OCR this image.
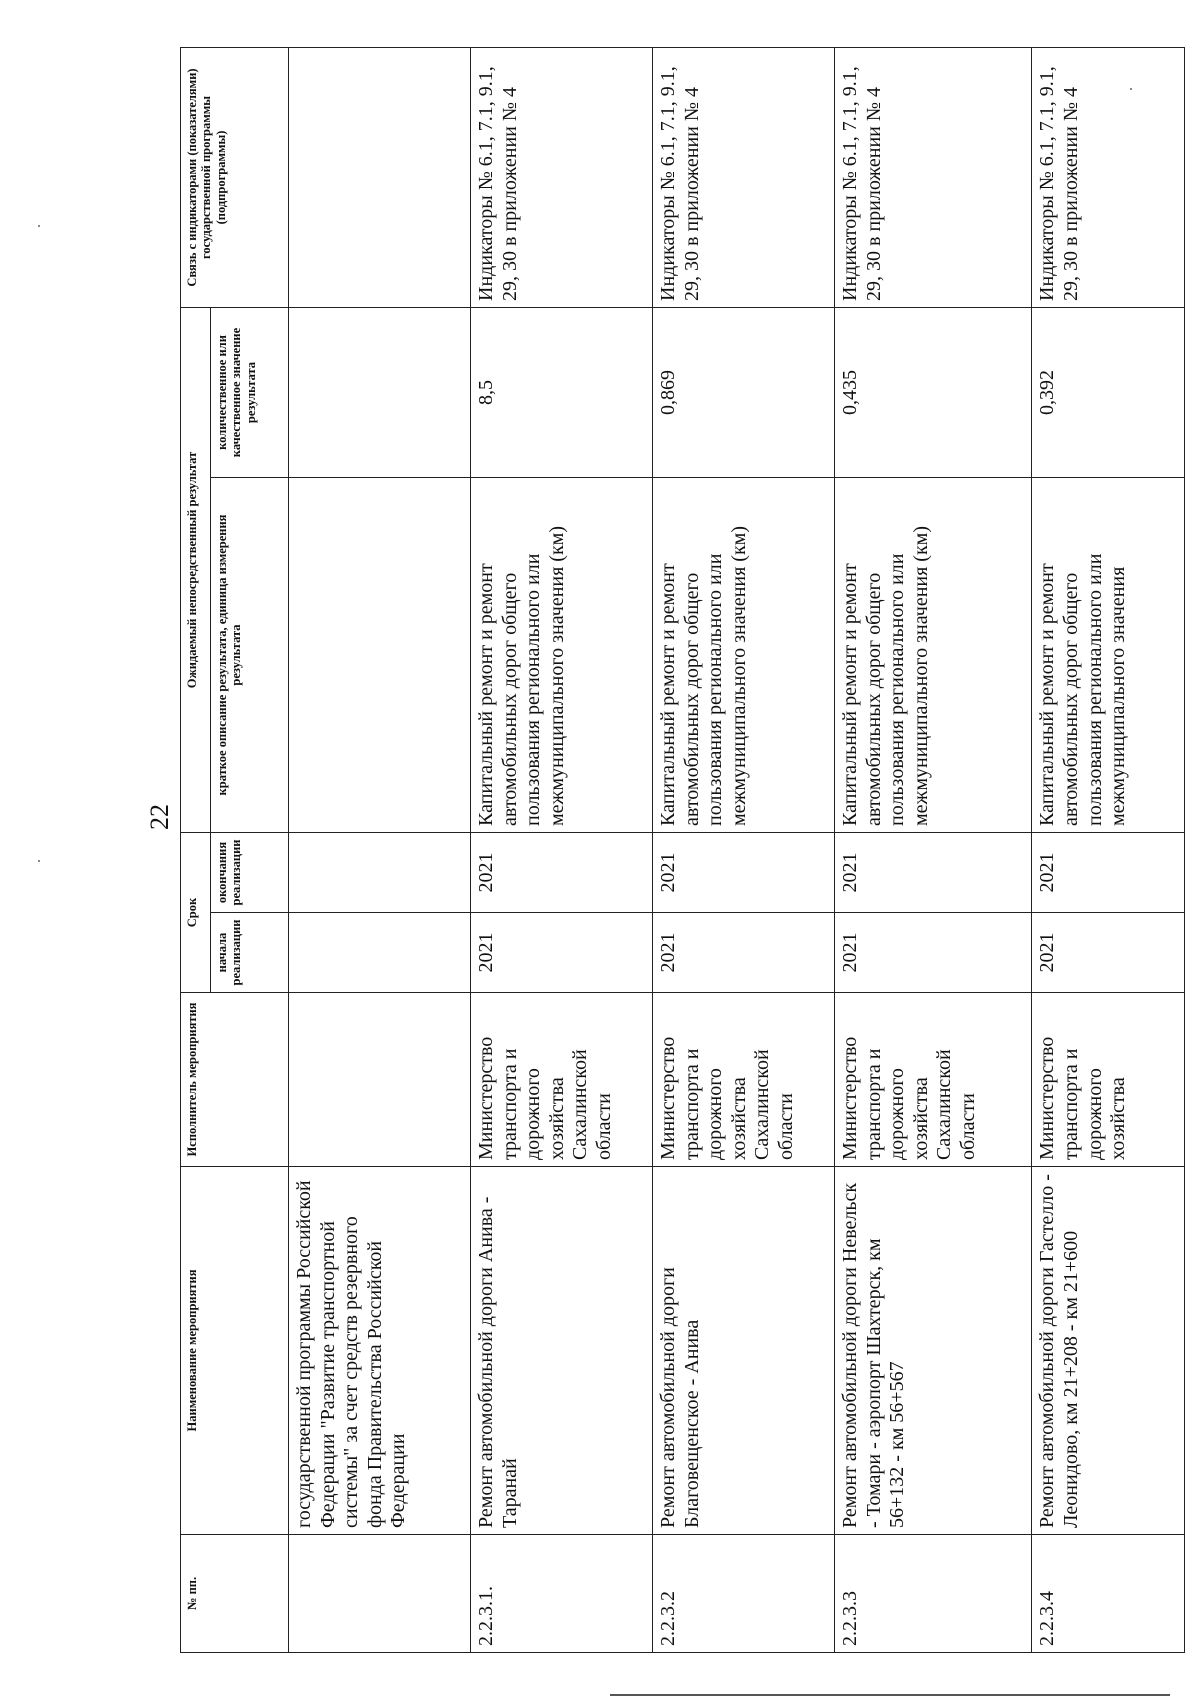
22
№ пп.	Наименование мероприятия	Исполнитель мероприятия	Срок		Ожидаемый непосредственный результат		Связь с индикаторами (показателями) государственной программы (подпрограммы)
			начала реализации	окончания реализации	краткое описание результата, единица измерения результата	количественное или качественное значение результата	
	государственной программы Российской Федерации "Развитие транспортной системы" за счет средств резервного фонда Правительства Российской Федерации						
2.2.3.1.	Ремонт автомобильной дороги Анива - Таранай	Министерство транспорта и дорожного хозяйства Сахалинской области	2021	2021	Капитальный ремонт и ремонт автомобильных дорог общего пользования регионального или межмуниципального значения (км)	8,5	Индикаторы № 6.1, 7.1, 9.1, 29, 30 в приложении № 4
2.2.3.2	Ремонт автомобильной дороги Благовещенское - Анива	Министерство транспорта и дорожного хозяйства Сахалинской области	2021	2021	Капитальный ремонт и ремонт автомобильных дорог общего пользования регионального или межмуниципального значения (км)	0,869	Индикаторы № 6.1, 7.1, 9.1, 29, 30 в приложении № 4
2.2.3.3	Ремонт автомобильной дороги Невельск - Томари - аэропорт Шахтерск, км 56+132 - км 56+567	Министерство транспорта и дорожного хозяйства Сахалинской области	2021	2021	Капитальный ремонт и ремонт автомобильных дорог общего пользования регионального или межмуниципального значения (км)	0,435	Индикаторы № 6.1, 7.1, 9.1, 29, 30 в приложении № 4
2.2.3.4	Ремонт автомобильной дороги Гастелло - Леонидово, км 21+208 - км 21+600	Министерство транспорта и дорожного хозяйства	2021	2021	Капитальный ремонт и ремонт автомобильных дорог общего пользования регионального или межмуниципального значения	0,392	Индикаторы № 6.1, 7.1, 9.1, 29, 30 в приложении № 4
